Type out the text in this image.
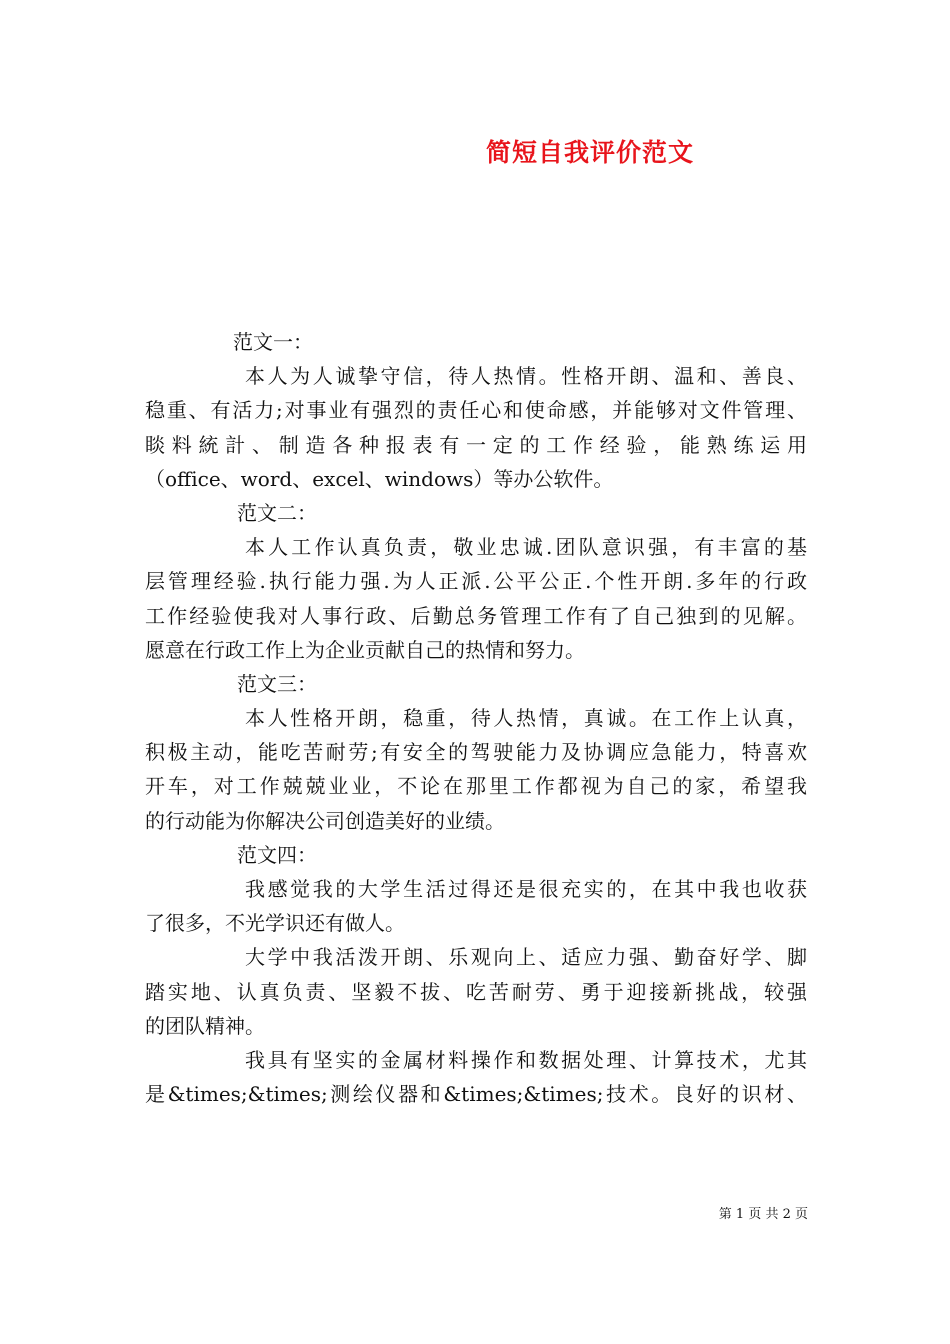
简短自我评价范文
范文一：
本人为人诚挚守信，待人热情。性格开朗、温和、善良、
稳重、有活力;对事业有强烈的责任心和使命感，并能够对文件管理、
睒料統計、制造各种报表有一定的工作经验，能熟练运用
（office、word、excel、windows）等办公软件。
范文二：
本人工作认真负责，敬业忠诚.团队意识强，有丰富的基
层管理经验.执行能力强.为人正派.公平公正.个性开朗.多年的行政
工作经验使我对人事行政、后勤总务管理工作有了自己独到的见解。
愿意在行政工作上为企业贡献自己的热情和努力。
范文三：
本人性格开朗，稳重，待人热情，真诚。在工作上认真，
积极主动，能吃苦耐劳;有安全的驾驶能力及协调应急能力，特喜欢
开车，对工作兢兢业业，不论在那里工作都视为自己的家，希望我
的行动能为你解决公司创造美好的业绩。
范文四：
我感觉我的大学生活过得还是很充实的，在其中我也收获
了很多，不光学识还有做人。
大学中我活泼开朗、乐观向上、适应力强、勤奋好学、脚
踏实地、认真负责、坚毅不拔、吃苦耐劳、勇于迎接新挑战，较强
的团队精神。
我具有坚实的金属材料操作和数据处理、计算技术，尤其
是&times;&times;测绘仪器和&times;&times;技术。良好的识材、

第 1 页 共 2 页
